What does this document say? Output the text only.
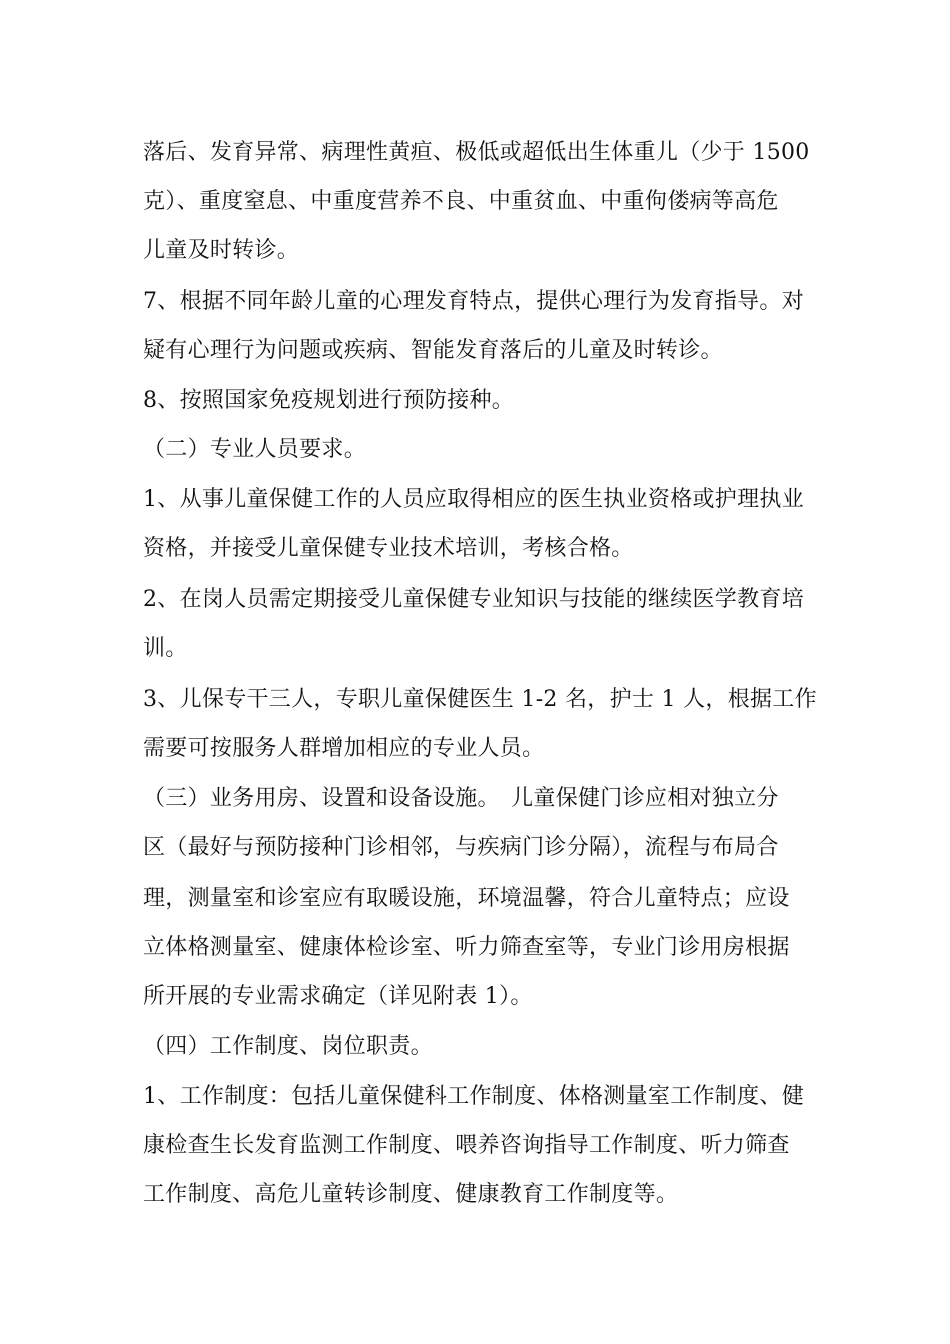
落后、发育异常、病理性黄疸、极低或超低出生体重儿（少于 1500
克）、重度窒息、中重度营养不良、中重贫血、中重佝偻病等高危
儿童及时转诊。
7、根据不同年龄儿童的心理发育特点，提供心理行为发育指导。对
疑有心理行为问题或疾病、智能发育落后的儿童及时转诊。
8、按照国家免疫规划进行预防接种。
（二）专业人员要求。
1、从事儿童保健工作的人员应取得相应的医生执业资格或护理执业
资格，并接受儿童保健专业技术培训，考核合格。
2、在岗人员需定期接受儿童保健专业知识与技能的继续医学教育培
训。
3、儿保专干三人，专职儿童保健医生 1-2 名，护士 1 人，根据工作
需要可按服务人群增加相应的专业人员。
（三）业务用房、设置和设备设施。　儿童保健门诊应相对独立分
区（最好与预防接种门诊相邻，与疾病门诊分隔），流程与布局合
理，测量室和诊室应有取暖设施，环境温馨，符合儿童特点；应设
立体格测量室、健康体检诊室、听力筛查室等，专业门诊用房根据
所开展的专业需求确定（详见附表 1）。
（四）工作制度、岗位职责。
1、工作制度：包括儿童保健科工作制度、体格测量室工作制度、健
康检查生长发育监测工作制度、喂养咨询指导工作制度、听力筛查
工作制度、高危儿童转诊制度、健康教育工作制度等。
